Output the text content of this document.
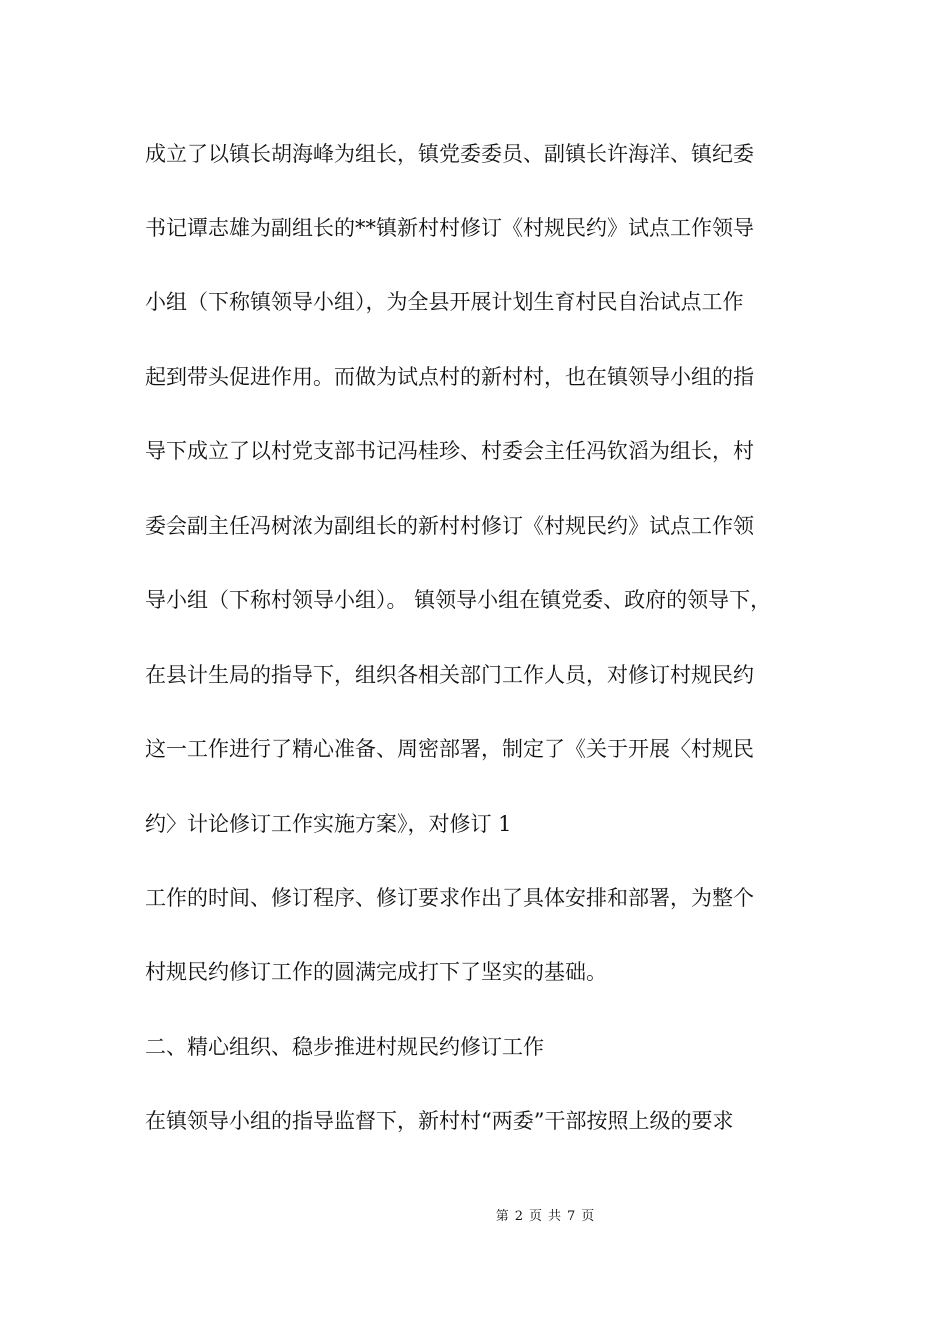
成立了以镇长胡海峰为组长，镇党委委员、副镇长许海洋、镇纪委
书记谭志雄为副组长的**镇新村村修订《村规民约》试点工作领导
小组（下称镇领导小组），为全县开展计划生育村民自治试点工作
起到带头促进作用。而做为试点村的新村村，也在镇领导小组的指
导下成立了以村党支部书记冯桂珍、村委会主任冯钦滔为组长，村
委会副主任冯树浓为副组长的新村村修订《村规民约》试点工作领
导小组（下称村领导小组）。 镇领导小组在镇党委、政府的领导下，
在县计生局的指导下，组织各相关部门工作人员，对修订村规民约
这一工作进行了精心准备、周密部署，制定了《关于开展〈村规民
约〉计论修订工作实施方案》，对修订 1
工作的时间、修订程序、修订要求作出了具体安排和部署，为整个
村规民约修订工作的圆满完成打下了坚实的基础。
二、精心组织、稳步推进村规民约修订工作
在镇领导小组的指导监督下，新村村“两委”干部按照上级的要求
第 2 页 共 7 页
